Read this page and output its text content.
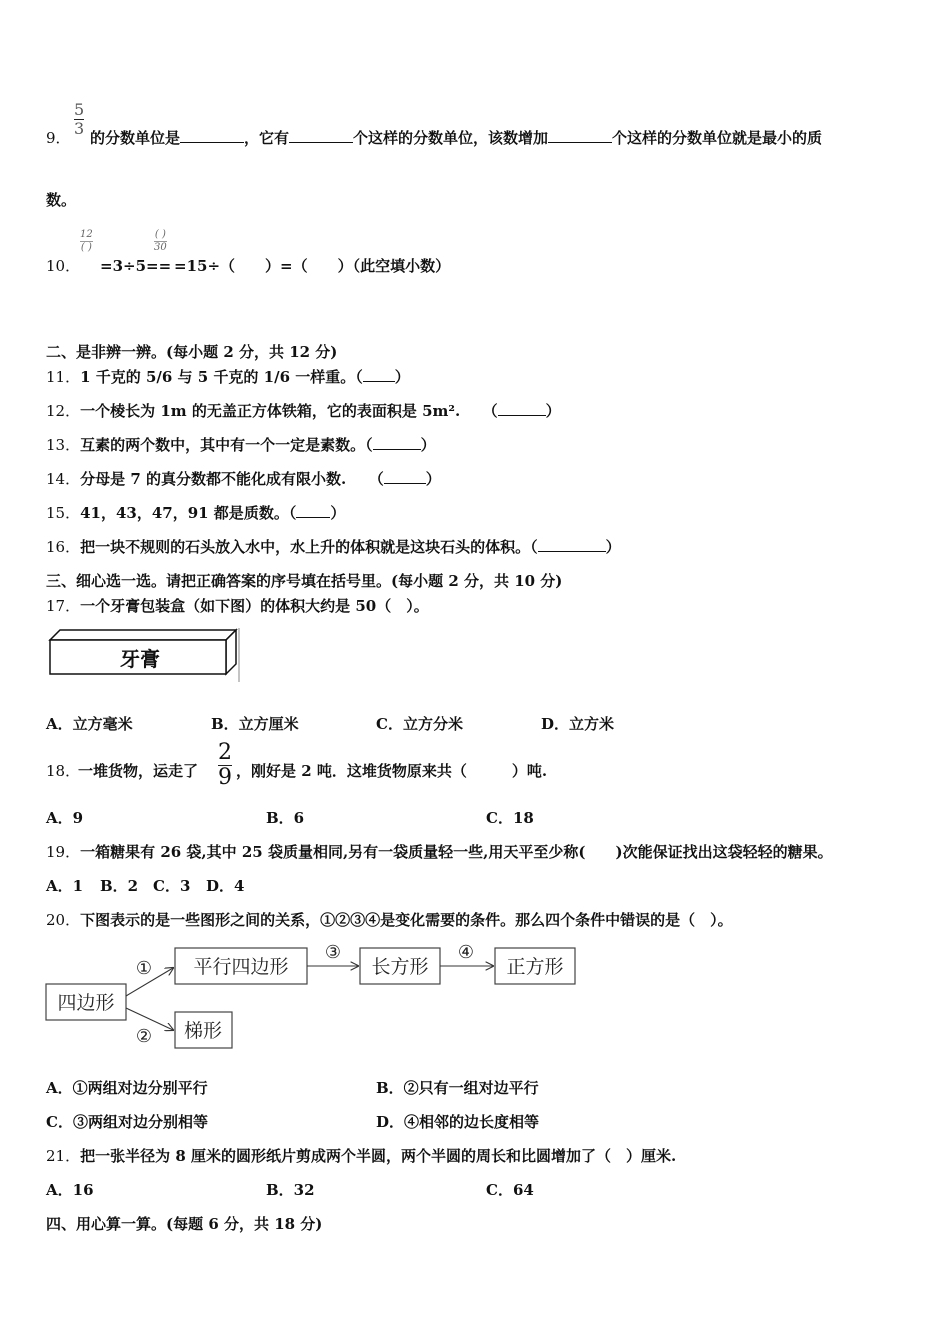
9．
5
3 的分数单位是	，它有	个这样的分数单位，该数增加	个这样的分数单位就是最小的质
数。
10．
12
( )
=3÷5==
( )
30
=15÷（　　）=（　　）（此空填小数）
二、是非辨一辨。(每小题 2 分，共 12 分)
11．1 千克的 5/6 与 5 千克的 1/6 一样重。（ ）
12．一个棱长为 1m 的无盖正方体铁箱，它的表面积是 5m².　　（	）
13．互素的两个数中，其中有一个一定是素数。（	）
14．分母是 7 的真分数都不能化成有限小数.　　（	）
15．41，43，47，91 都是质数。（ ）
16．把一块不规则的石头放入水中，水上升的体积就是这块石头的体积。（	）
三、细心选一选。请把正确答案的序号填在括号里。(每小题 2 分，共 10 分)
17．一个牙膏包装盒（如下图）的体积大约是 50（　）。
牙膏
A．立方毫米	B．立方厘米	C．立方分米	D．立方米
18．
一堆货物，运走了
2
9 ，刚好是 2 吨．这堆货物原来共（　　　）吨.
A．9	B．6	C．18
19．一箱糖果有 26 袋,其中 25 袋质量相同,另有一袋质量轻一些,用天平至少称(　　)次能保证找出这袋轻轻的糖果。
A．1 B．2 C．3 D．4
20．下图表示的是一些图形之间的关系，①②③④是变化需要的条件。那么四个条件中错误的是（　）。
四边形
平行四边形	长方形	正方形
梯形
①
②
③	④
A．①两组对边分别平行	B．②只有一组对边平行
C．③两组对边分别相等	D．④相邻的边长度相等
21．把一张半径为 8 厘米的圆形纸片剪成两个半圆，两个半圆的周长和比圆增加了（　）厘米.
A．16	B．32	C．64
四、用心算一算。(每题 6 分，共 18 分)
